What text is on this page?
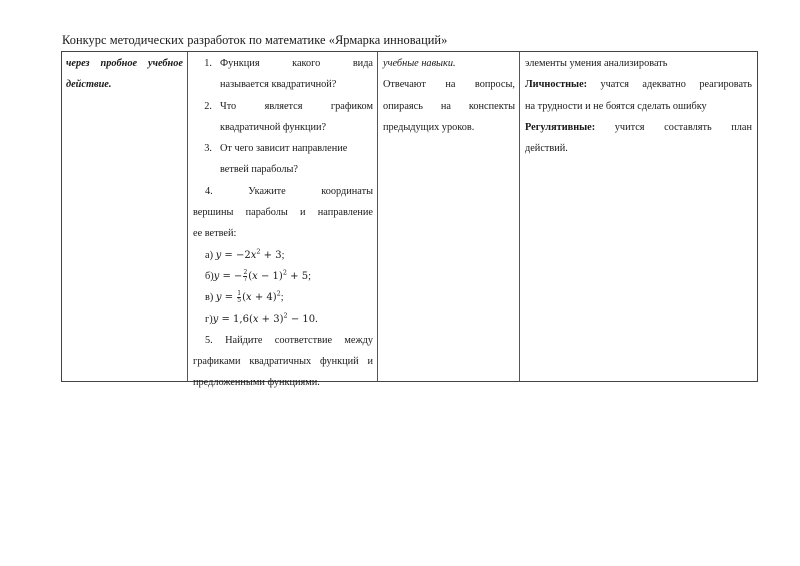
Конкурс методических разработок по математике «Ярмарка инноваций»
через пробное учебное
действие.
1. Функция какого вида
называется квадратичной?
2. Что является графиком
квадратичной функции?
3. От чего зависит направление
ветвей параболы?
4. Укажите координаты
вершины параболы и направление
ее ветвей:
а) $y = -2x^2 + 3$;
б)y = − $\frac{2}{7} (x - 1)^2 + 5$;
в) $y = \frac{1}{5} (x + 4)^2$;
$г)y = 1,6(x + 3)^2 - 10$.
5. Найдите соответствие между
графиками квадратичных функций и
предложенными функциями.
учебные навыки.
Отвечают на вопросы,
опираясь на конспекты
предыдущих уроков.
элементы умения анализировать
Личностные: учатся адекватно реагировать
на трудности и не боятся сделать ошибку
Регулятивные: учится составлять план
действий.
